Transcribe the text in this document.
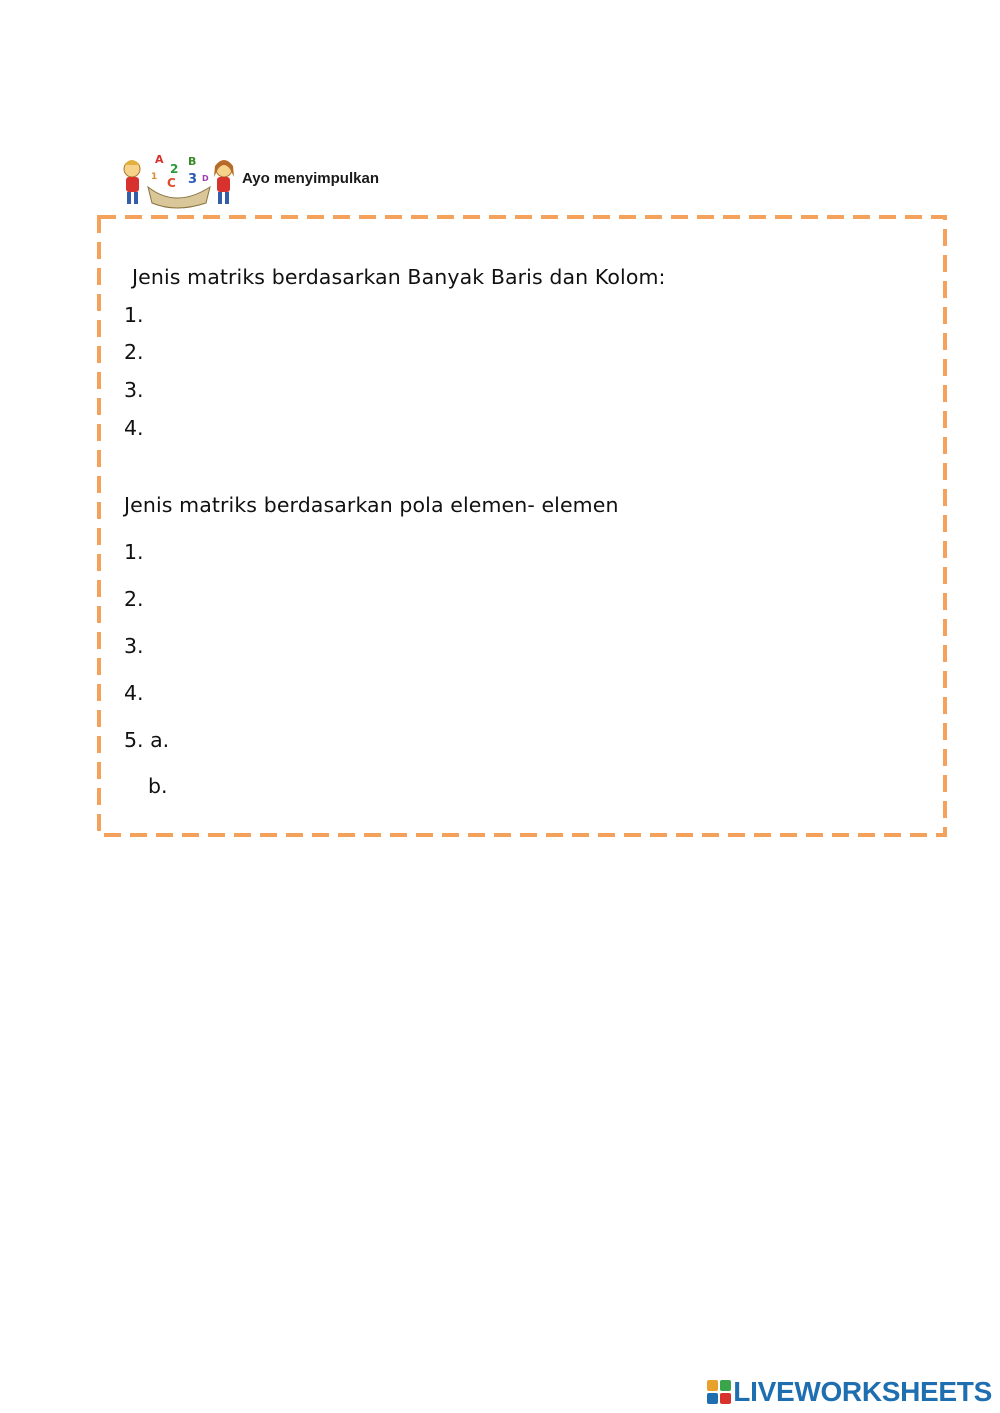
A
2
B
1 C 3 D Ayo menyimpulkan
Jenis matriks berdasarkan Banyak Baris dan Kolom:
1.
2.
3.
4.
Jenis matriks berdasarkan pola elemen- elemen
1.
2.
3.
4.
5. a.
b.
LIVEWORKSHEETS
